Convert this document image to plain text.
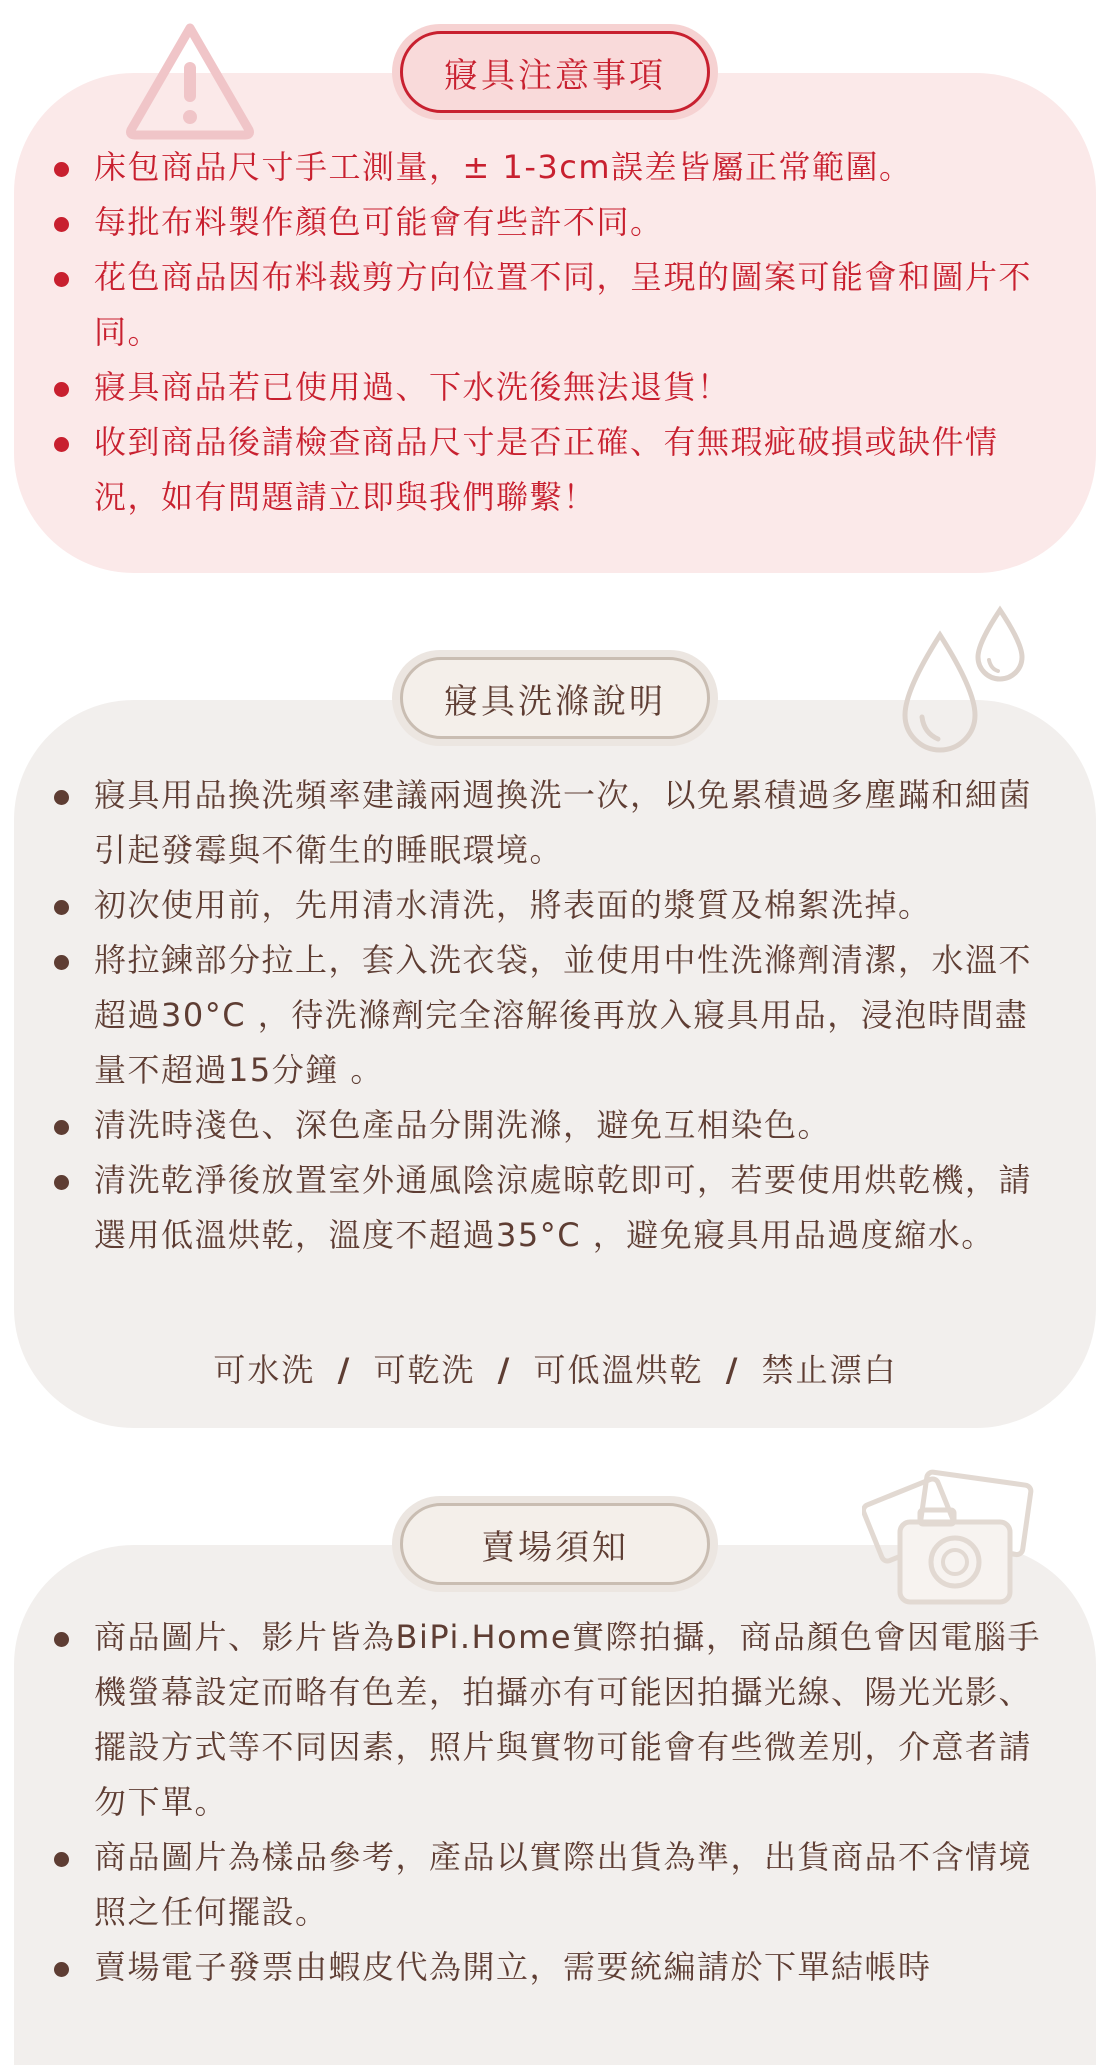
寢具注意事項
床包商品尺寸手工測量，± 1-3cm誤差皆屬正常範圍。
每批布料製作顏色可能會有些許不同。
花色商品因布料裁剪方向位置不同，呈現的圖案可能會和圖片不同。
寢具商品若已使用過、下水洗後無法退貨！
收到商品後請檢查商品尺寸是否正確、有無瑕疵破損或缺件情況，如有問題請立即與我們聯繫！
寢具洗滌說明
寢具用品換洗頻率建議兩週換洗一次，以免累積過多塵蹣和細菌引起發霉與不衛生的睡眠環境。
初次使用前，先用清水清洗，將表面的漿質及棉絮洗掉。
將拉鍊部分拉上，套入洗衣袋，並使用中性洗滌劑清潔，水溫不超過30°C ，待洗滌劑完全溶解後再放入寢具用品，浸泡時間盡量不超過15分鐘 。
清洗時淺色、深色產品分開洗滌，避免互相染色。
清洗乾淨後放置室外通風陰涼處晾乾即可，若要使用烘乾機，請選用低溫烘乾，溫度不超過35°C ，避免寢具用品過度縮水。
可水洗 / 可乾洗 / 可低溫烘乾 / 禁止漂白
賣場須知
商品圖片、影片皆為BiPi.Home實際拍攝，商品顏色會因電腦手機螢幕設定而略有色差，拍攝亦有可能因拍攝光線、陽光光影、擺設方式等不同因素，照片與實物可能會有些微差別，介意者請勿下單。
商品圖片為樣品參考，產品以實際出貨為準，出貨商品不含情境照之任何擺設。
賣場電子發票由蝦皮代為開立，需要統編請於下單結帳時
